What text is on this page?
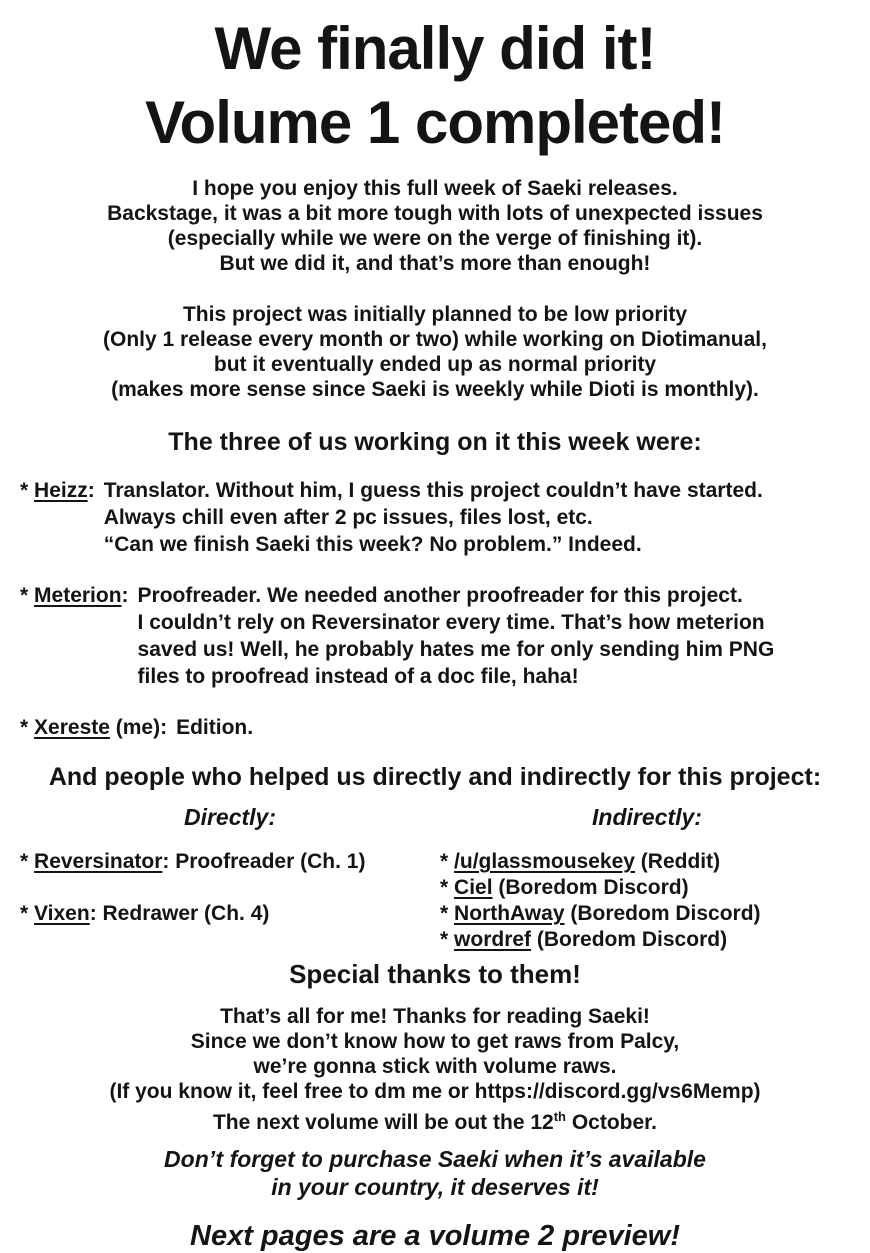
We finally did it!
Volume 1 completed!
I hope you enjoy this full week of Saeki releases.
Backstage, it was a bit more tough with lots of unexpected issues
(especially while we were on the verge of finishing it).
But we did it, and that’s more than enough!
This project was initially planned to be low priority
(Only 1 release every month or two) while working on Diotimanual,
but it eventually ended up as normal priority
(makes more sense since Saeki is weekly while Dioti is monthly).
The three of us working on it this week were:
* Heizz: Translator. Without him, I guess this project couldn’t have started.
Always chill even after 2 pc issues, files lost, etc.
“Can we finish Saeki this week? No problem.” Indeed.
* Meterion: Proofreader. We needed another proofreader for this project.
I couldn’t rely on Reversinator every time. That’s how meterion
saved us! Well, he probably hates me for only sending him PNG
files to proofread instead of a doc file, haha!
* Xereste (me): Edition.
And people who helped us directly and indirectly for this project:
Directly:
* Reversinator: Proofreader (Ch. 1)
* Vixen: Redrawer (Ch. 4)
Indirectly:
* /u/glassmousekey (Reddit)
* Ciel (Boredom Discord)
* NorthAway (Boredom Discord)
* wordref (Boredom Discord)
Special thanks to them!
That’s all for me! Thanks for reading Saeki!
Since we don’t know how to get raws from Palcy,
we’re gonna stick with volume raws.
(If you know it, feel free to dm me or https://discord.gg/vs6Memp)
The next volume will be out the 12th October.
Don’t forget to purchase Saeki when it’s available
in your country, it deserves it!
Next pages are a volume 2 preview!
